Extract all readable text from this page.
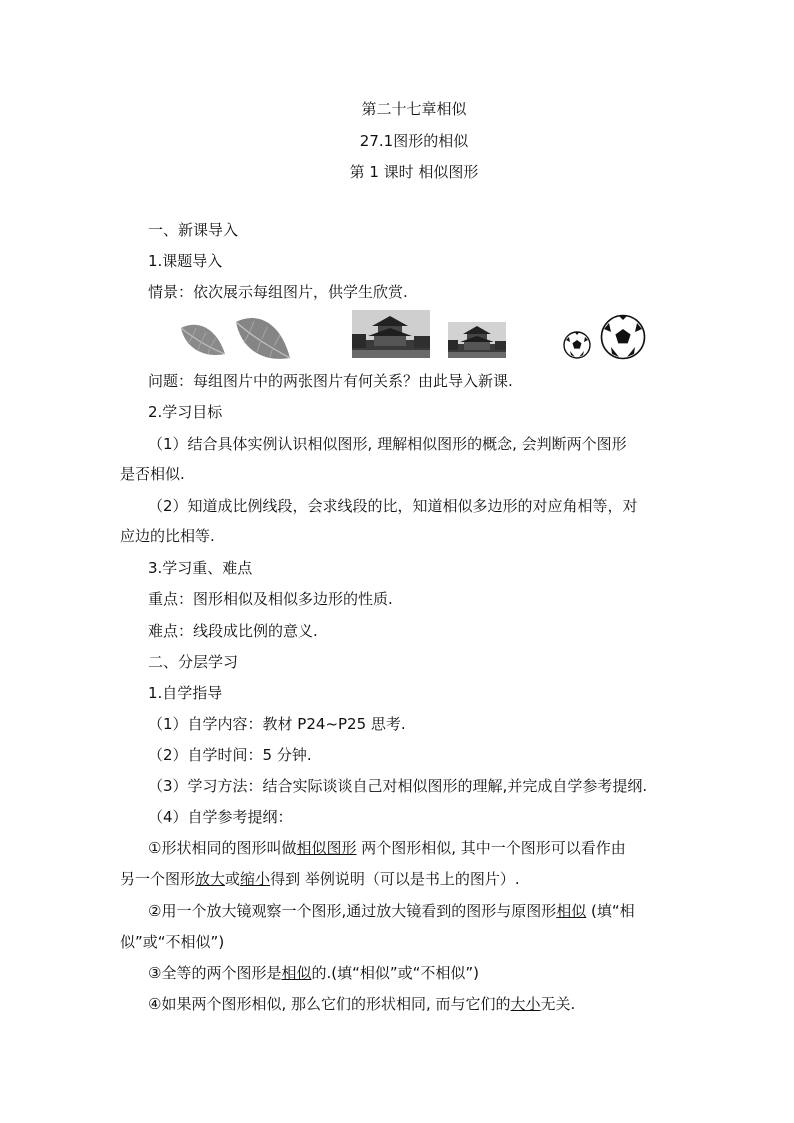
第二十七章相似
27.1图形的相似
第 1 课时 相似图形
一、新课导入
1.课题导入
情景：依次展示每组图片，供学生欣赏.
问题：每组图片中的两张图片有何关系？由此导入新课.
2.学习目标
（1）结合具体实例认识相似图形, 理解相似图形的概念, 会判断两个图形
是否相似.
（2）知道成比例线段，会求线段的比，知道相似多边形的对应角相等，对
应边的比相等.
3.学习重、难点
重点：图形相似及相似多边形的性质.
难点：线段成比例的意义.
二、分层学习
1.自学指导
（1）自学内容：教材 P24~P25 思考.
（2）自学时间：5 分钟.
（3）学习方法：结合实际谈谈自己对相似图形的理解,并完成自学参考提纲.
（4）自学参考提纲：
①形状相同的图形叫做相似图形 两个图形相似, 其中一个图形可以看作由
另一个图形放大或缩小得到 举例说明（可以是书上的图片）.
②用一个放大镜观察一个图形,通过放大镜看到的图形与原图形相似 (填“相
似”或“不相似”)
③全等的两个图形是相似的.(填“相似”或“不相似”)
④如果两个图形相似, 那么它们的形状相同, 而与它们的大小无关.
